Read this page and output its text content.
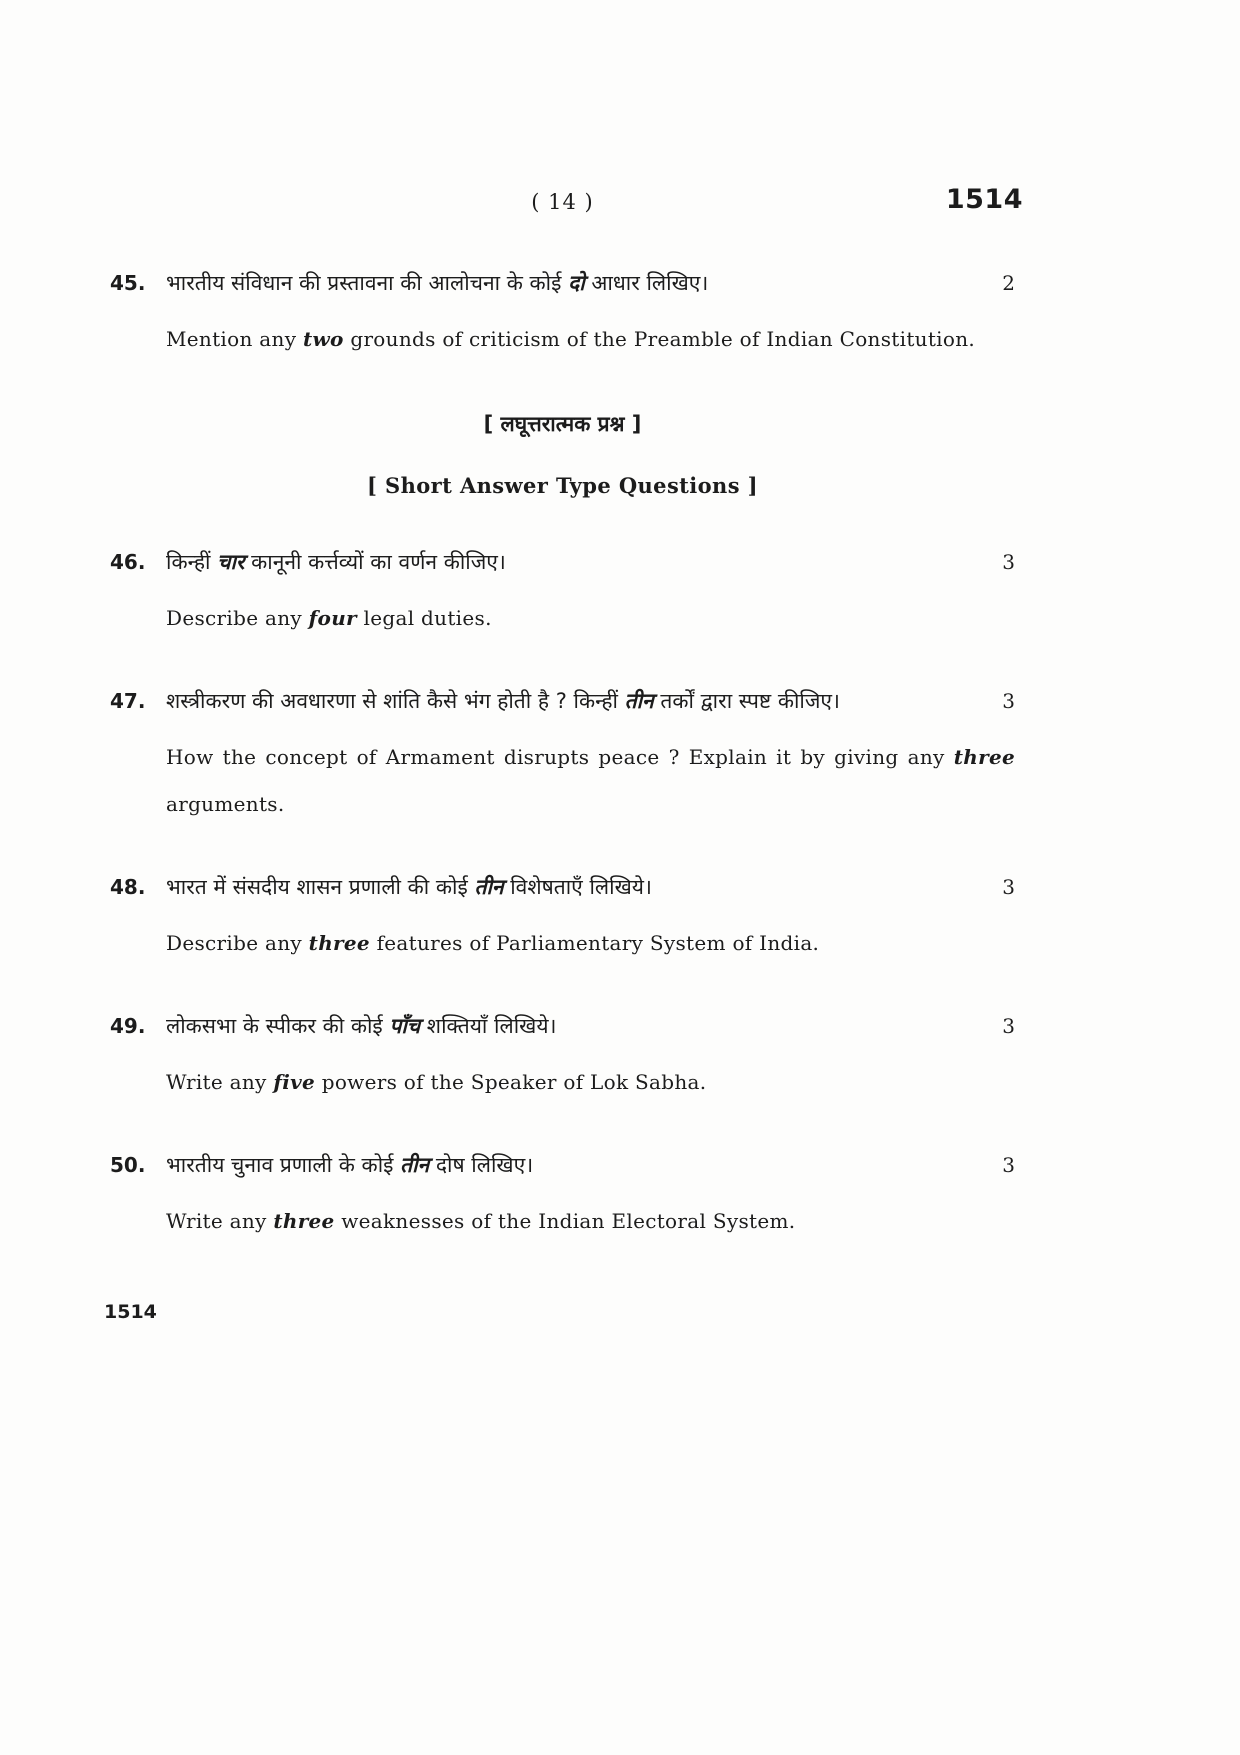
( 14 )	1514
45. भारतीय संविधान की प्रस्तावना की आलोचना के कोई दो आधार लिखिए।

Mention any two grounds of criticism of the Preamble of Indian Constitution.

2
[ लघूत्तरात्मक प्रश्न ]
[ Short Answer Type Questions ]
46. किन्हीं चार कानूनी कर्त्तव्यों का वर्णन कीजिए।

Describe any four legal duties.

3
47. शस्त्रीकरण की अवधारणा से शांति कैसे भंग होती है ? किन्हीं तीन तर्कों द्वारा स्पष्ट कीजिए।

How the concept of Armament disrupts peace ? Explain it by giving any three arguments.

3
48. भारत में संसदीय शासन प्रणाली की कोई तीन विशेषताएँ लिखिये।

Describe any three features of Parliamentary System of India.

3
49. लोकसभा के स्पीकर की कोई पाँच शक्तियाँ लिखिये।

Write any five powers of the Speaker of Lok Sabha.

3
50. भारतीय चुनाव प्रणाली के कोई तीन दोष लिखिए।

Write any three weaknesses of the Indian Electoral System.

3
1514
